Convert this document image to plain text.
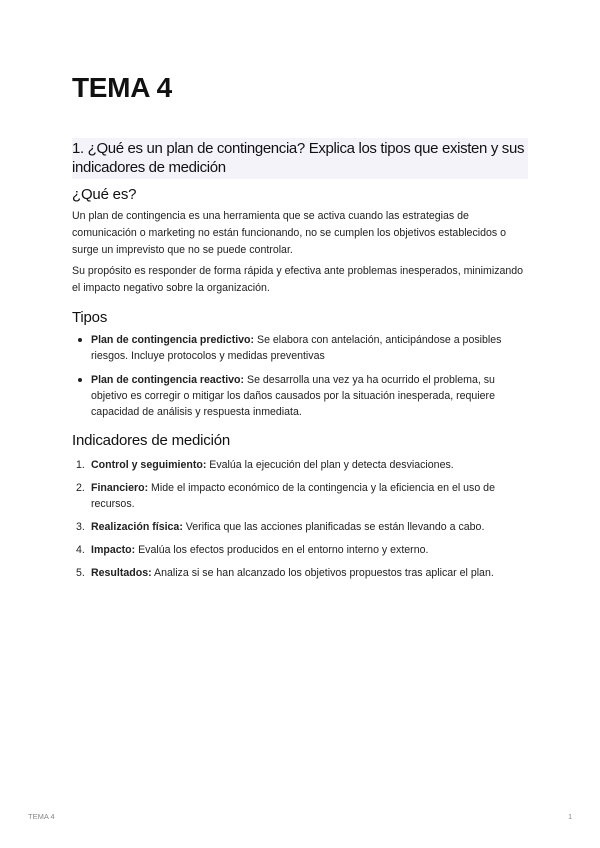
TEMA 4
1. ¿Qué es un plan de contingencia? Explica los tipos que existen y sus indicadores de medición
¿Qué es?

Un plan de contingencia es una herramienta que se activa cuando las estrategias de comunicación o marketing no están funcionando, no se cumplen los objetivos establecidos o surge un imprevisto que no se puede controlar.

Su propósito es responder de forma rápida y efectiva ante problemas inesperados, minimizando el impacto negativo sobre la organización.

Tipos
Plan de contingencia predictivo: Se elabora con antelación, anticipándose a posibles riesgos. Incluye protocolos y medidas preventivas
Plan de contingencia reactivo: Se desarrolla una vez ya ha ocurrido el problema, su objetivo es corregir o mitigar los daños causados por la situación inesperada, requiere capacidad de análisis y respuesta inmediata.
Indicadores de medición
1. Control y seguimiento: Evalúa la ejecución del plan y detecta desviaciones.
2. Financiero: Mide el impacto económico de la contingencia y la eficiencia en el uso de recursos.
3. Realización física: Verifica que las acciones planificadas se están llevando a cabo.
4. Impacto: Evalúa los efectos producidos en el entorno interno y externo.
5. Resultados: Analiza si se han alcanzado los objetivos propuestos tras aplicar el plan.
TEMA 4	1
